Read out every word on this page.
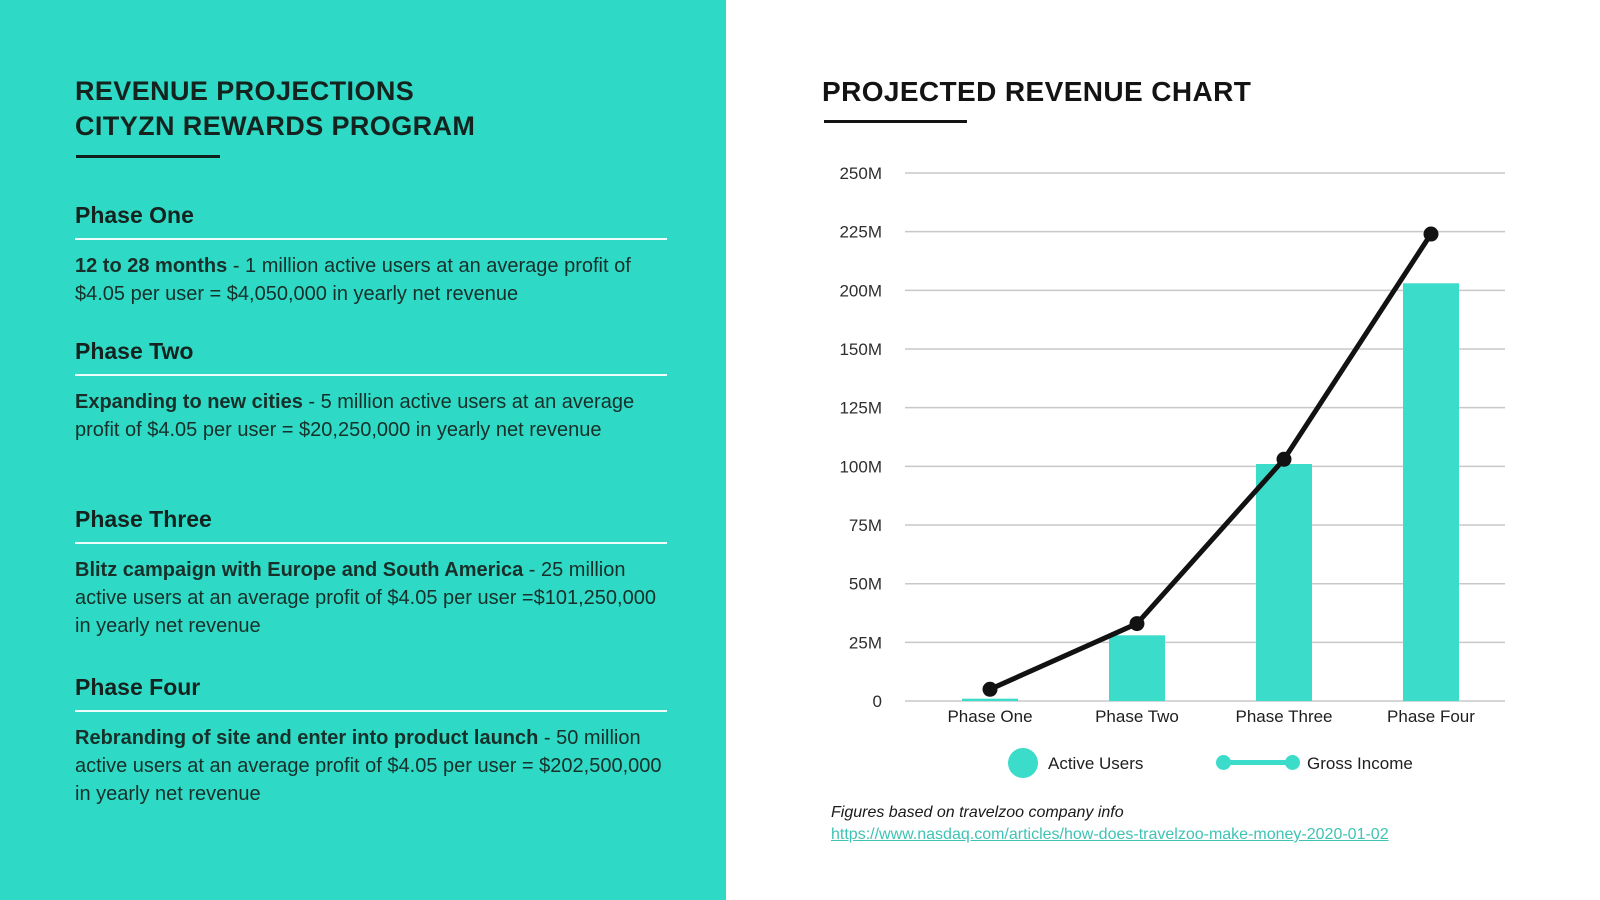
REVENUE PROJECTIONS
CITYZN REWARDS PROGRAM
Phase One

12 to 28 months - 1 million active users at an average profit of $4.05 per user = $4,050,000 in yearly net revenue

Phase Two

Expanding to new cities - 5 million active users at an average profit of $4.05 per user = $20,250,000 in yearly net revenue

Phase Three

Blitz campaign with Europe and South America - 25 million active users at an average profit of $4.05 per user =$101,250,000 in yearly net revenue

Phase Four

Rebranding of site and enter into product launch - 50 million active users at an average profit of $4.05 per user = $202,500,000 in yearly net revenue

PROJECTED REVENUE CHART
250M
225M
200M
150M
125M
100M
75M
50M
25M
0
Phase One	Phase Two	Phase Three	Phase Four
Active Users	Gross Income
Figures based on travelzoo company info
https://www.nasdaq.com/articles/how-does-travelzoo-make-money-2020-01-02
